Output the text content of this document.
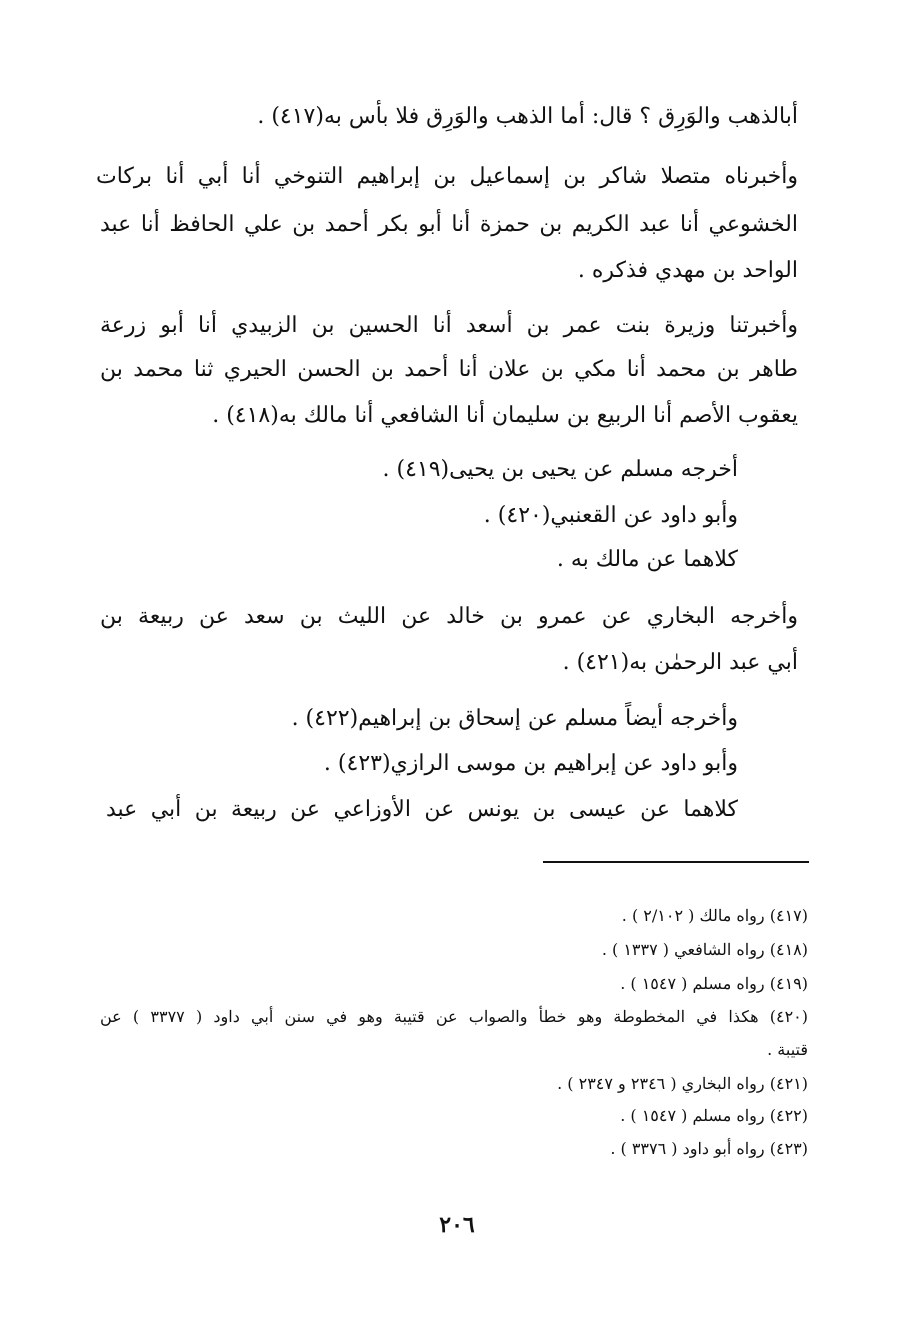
أبالذهب والوَرِق ؟ قال: أما الذهب والوَرِق فلا بأس به(٤١٧) .
وأخبرناه متصلا شاكر بن إسماعيل بن إبراهيم التنوخي أنا أبي أنا بركات
الخشوعي أنا عبد الكريم بن حمزة أنا أبو بكر أحمد بن علي الحافظ أنا عبد
الواحد بن مهدي فذكره .
وأخبرتنا وزيرة بنت عمر بن أسعد أنا الحسين بن الزبيدي أنا أبو زرعة
طاهر بن محمد أنا مكي بن علان أنا أحمد بن الحسن الحيري ثنا محمد بن
يعقوب الأصم أنا الربيع بن سليمان أنا الشافعي أنا مالك به(٤١٨) .
أخرجه مسلم عن يحيى بن يحيى(٤١٩) .
وأبو داود عن القعنبي(٤٢٠) .
كلاهما عن مالك به .
وأخرجه البخاري عن عمرو بن خالد عن الليث بن سعد عن ربيعة بن
أبي عبد الرحمٰن به(٤٢١) .
وأخرجه أيضاً مسلم عن إسحاق بن إبراهيم(٤٢٢) .
وأبو داود عن إبراهيم بن موسى الرازي(٤٢٣) .
كلاهما عن عيسى بن يونس عن الأوزاعي عن ربيعة بن أبي عبد
(٤١٧) رواه مالك ( ٢/١٠٢ ) .
(٤١٨) رواه الشافعي ( ١٣٣٧ ) .
(٤١٩) رواه مسلم ( ١٥٤٧ ) .
(٤٢٠) هكذا في المخطوطة وهو خطأ والصواب عن قتيبة وهو في سنن أبي داود ( ٣٣٧٧ ) عن
قتيبة .
(٤٢١) رواه البخاري ( ٢٣٤٦ و ٢٣٤٧ ) .
(٤٢٢) رواه مسلم ( ١٥٤٧ ) .
(٤٢٣) رواه أبو داود ( ٣٣٧٦ ) .
٢٠٦
